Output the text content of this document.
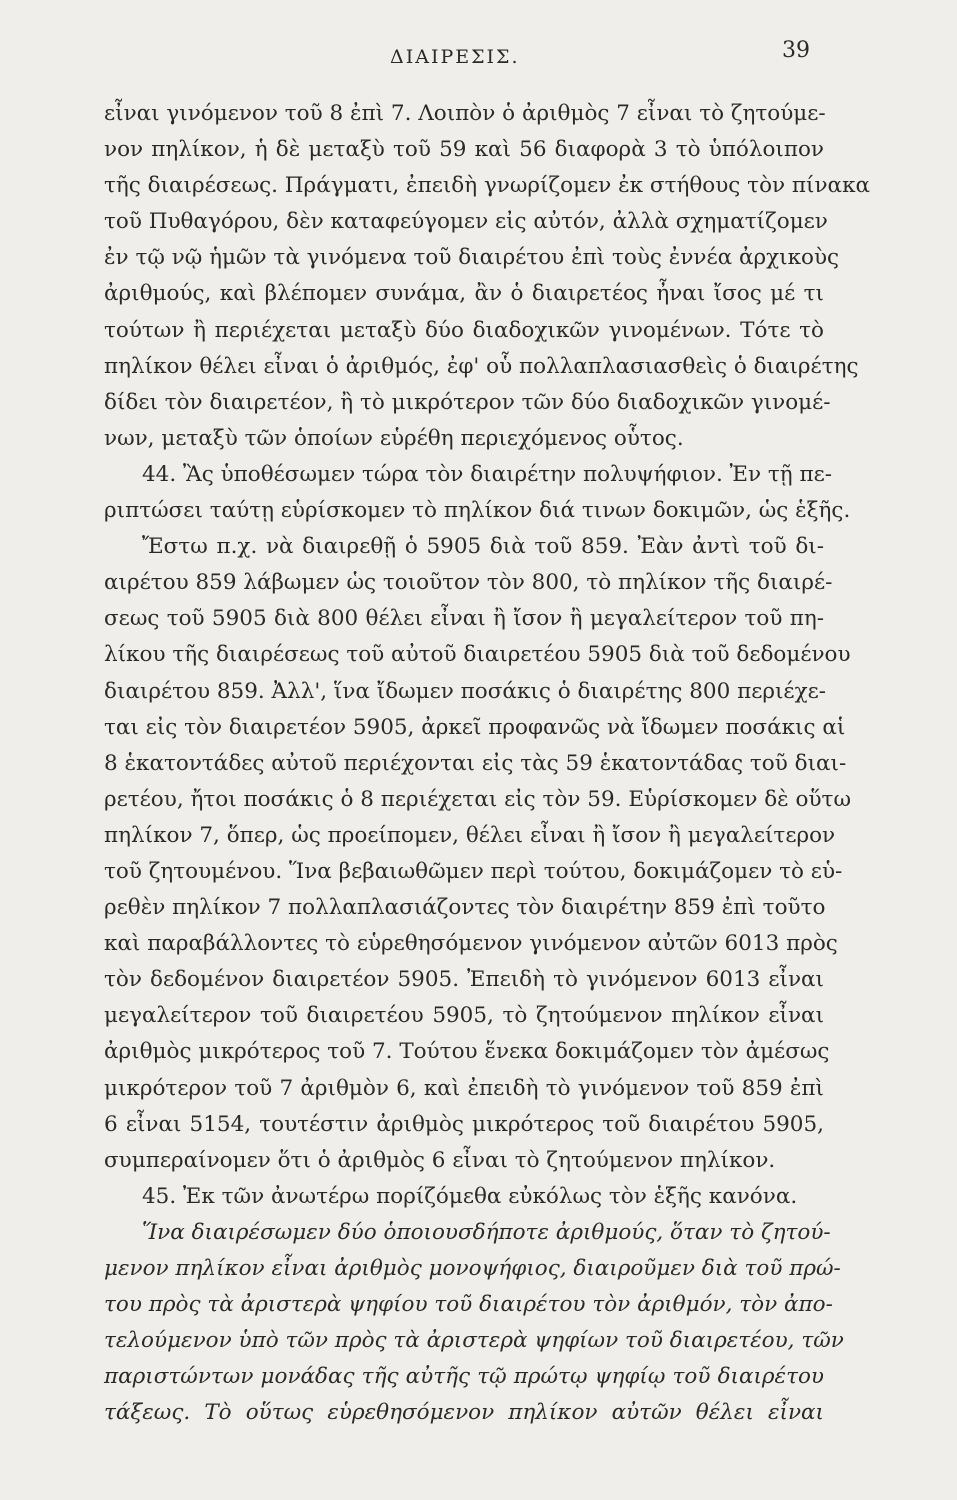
ΔΙΑΙΡΕΣΙΣ.	39
εἶναι γινόμενον τοῦ 8 ἐπὶ 7. Λοιπὸν ὁ ἀριθμὸς 7 εἶναι τὸ ζητούμε-
νον πηλίκον, ἡ δὲ μεταξὺ τοῦ 59 καὶ 56 διαφορὰ 3 τὸ ὑπόλοιπον
τῆς διαιρέσεως. Πράγματι, ἐπειδὴ γνωρίζομεν ἐκ στήθους τὸν πίνακα
τοῦ Πυθαγόρου, δὲν καταφεύγομεν εἰς αὐτόν, ἀλλὰ σχηματίζομεν
ἐν τῷ νῷ ἡμῶν τὰ γινόμενα τοῦ διαιρέτου ἐπὶ τοὺς ἐννέα ἀρχικοὺς
ἀριθμούς, καὶ βλέπομεν συνάμα, ἂν ὁ διαιρετέος ἦναι ἴσος μέ τι
τούτων ἢ περιέχεται μεταξὺ δύο διαδοχικῶν γινομένων. Τότε τὸ
πηλίκον θέλει εἶναι ὁ ἀριθμός, ἐφ' οὗ πολλαπλασιασθεὶς ὁ διαιρέτης
δίδει τὸν διαιρετέον, ἢ τὸ μικρότερον τῶν δύο διαδοχικῶν γινομέ-
νων, μεταξὺ τῶν ὁποίων εὑρέθη περιεχόμενος οὗτος.
44. Ἂς ὑποθέσωμεν τώρα τὸν διαιρέτην πολυψήφιον. Ἐν τῇ πε-
ριπτώσει ταύτῃ εὑρίσκομεν τὸ πηλίκον διά τινων δοκιμῶν, ὡς ἑξῆς.
Ἔστω π.χ. νὰ διαιρεθῇ ὁ 5905 διὰ τοῦ 859. Ἐὰν ἀντὶ τοῦ δι-
αιρέτου 859 λάβωμεν ὡς τοιοῦτον τὸν 800, τὸ πηλίκον τῆς διαιρέ-
σεως τοῦ 5905 διὰ 800 θέλει εἶναι ἢ ἴσον ἢ μεγαλείτερον τοῦ πη-
λίκου τῆς διαιρέσεως τοῦ αὐτοῦ διαιρετέου 5905 διὰ τοῦ δεδομένου
διαιρέτου 859. Ἀλλ', ἵνα ἴδωμεν ποσάκις ὁ διαιρέτης 800 περιέχε-
ται εἰς τὸν διαιρετέον 5905, ἀρκεῖ προφανῶς νὰ ἴδωμεν ποσάκις αἱ
8 ἑκατοντάδες αὐτοῦ περιέχονται εἰς τὰς 59 ἑκατοντάδας τοῦ διαι-
ρετέου, ἤτοι ποσάκις ὁ 8 περιέχεται εἰς τὸν 59. Εὑρίσκομεν δὲ οὕτω
πηλίκον 7, ὅπερ, ὡς προείπομεν, θέλει εἶναι ἢ ἴσον ἢ μεγαλείτερον
τοῦ ζητουμένου. Ἵνα βεβαιωθῶμεν περὶ τούτου, δοκιμάζομεν τὸ εὑ-
ρεθὲν πηλίκον 7 πολλαπλασιάζοντες τὸν διαιρέτην 859 ἐπὶ τοῦτο
καὶ παραβάλλοντες τὸ εὑρεθησόμενον γινόμενον αὐτῶν 6013 πρὸς
τὸν δεδομένον διαιρετέον 5905. Ἐπειδὴ τὸ γινόμενον 6013 εἶναι
μεγαλείτερον τοῦ διαιρετέου 5905, τὸ ζητούμενον πηλίκον εἶναι
ἀριθμὸς μικρότερος τοῦ 7. Τούτου ἕνεκα δοκιμάζομεν τὸν ἀμέσως
μικρότερον τοῦ 7 ἀριθμὸν 6, καὶ ἐπειδὴ τὸ γινόμενον τοῦ 859 ἐπὶ
6 εἶναι 5154, τουτέστιν ἀριθμὸς μικρότερος τοῦ διαιρέτου 5905,
συμπεραίνομεν ὅτι ὁ ἀριθμὸς 6 εἶναι τὸ ζητούμενον πηλίκον.
45. Ἐκ τῶν ἀνωτέρω πορίζόμεθα εὐκόλως τὸν ἑξῆς κανόνα.
Ἵνα διαιρέσωμεν δύο ὁποιουσδήποτε ἀριθμούς, ὅταν τὸ ζητού-
μενον πηλίκον εἶναι ἀριθμὸς μονοψήφιος, διαιροῦμεν διὰ τοῦ πρώ-
του πρὸς τὰ ἀριστερὰ ψηφίου τοῦ διαιρέτου τὸν ἀριθμόν, τὸν ἀπο-
τελούμενον ὑπὸ τῶν πρὸς τὰ ἀριστερὰ ψηφίων τοῦ διαιρετέου, τῶν
παριστώντων μονάδας τῆς αὐτῆς τῷ πρώτῳ ψηφίῳ τοῦ διαιρέτου
τάξεως. Τὸ οὕτως εὑρεθησόμενον πηλίκον αὐτῶν θέλει εἶναι
